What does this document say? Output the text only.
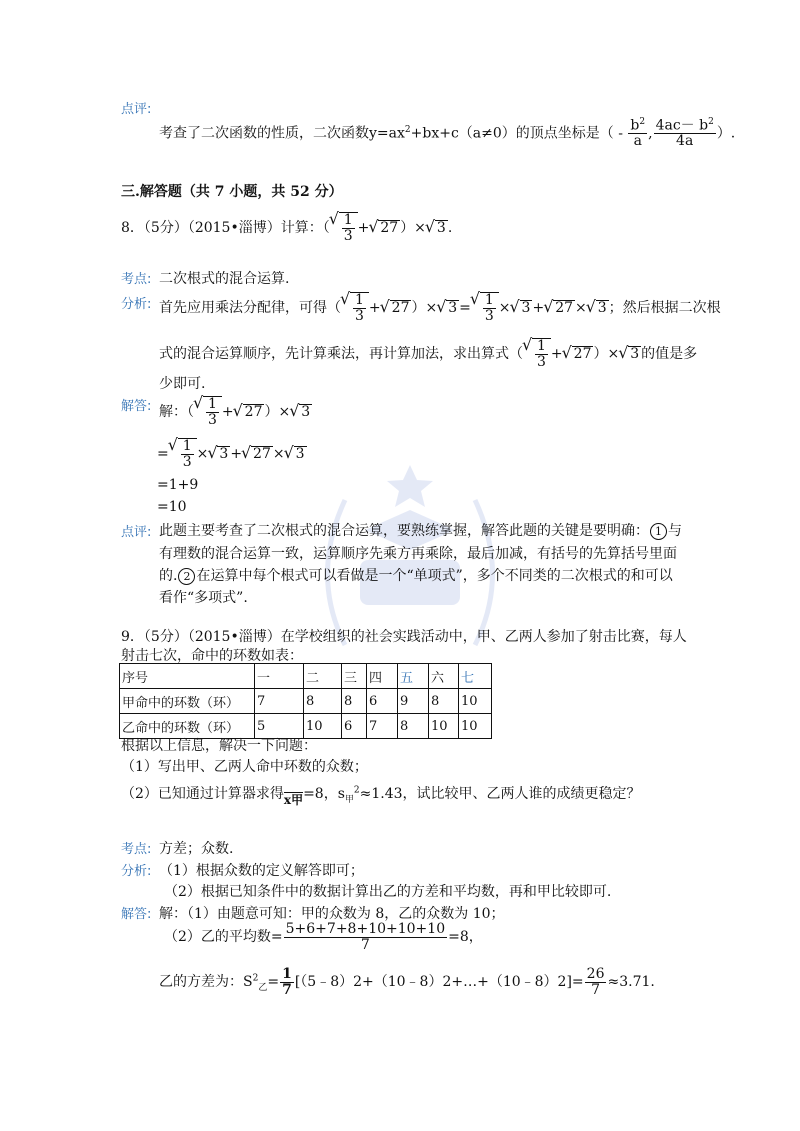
点评:
考查了二次函数的性质，二次函数$y=ax^2+bx+c(a\ne 0)$的顶点坐标是（ - $\frac{b^2}{a}$ , $\frac{4ac- b^2}{4a}$ ）.
三.解答题（共 7 小题，共 52 分）
8．（5分）（2015•淄博）计算：（ √ $\frac{1}{3}$ + √ 27 ）× √ 3 .
考点: 二次根式的混合运算.
分析: 首先应用乘法分配律，可得（ √ $\frac{1}{3}$ + √ 27 ）× √ 3 = √ $\frac{1}{3}$ × √ 3 + √ 27 × √ 3 ；然后根据二次根
式的混合运算顺序，先计算乘法，再计算加法，求出算式（ √ $\frac{1}{3}$ + √ 27 ）× √ 3 的值是多
少即可.
解答: 解：（ √ $\frac{1}{3}$ + √ 27 ）× √ 3
= √ $\frac{1}{3}$ × √ 3 + √ 27 × √ 3
=1+9
=10
点评: 此题主要考查了二次根式的混合运算，要熟练掌握，解答此题的关键是要明确： 1 与
有理数的混合运算一致，运算顺序先乘方再乘除，最后加减，有括号的先算括号里面
的. 2 在运算中每个根式可以看做是一个“单项式”，多个不同类的二次根式的和可以
看作“多项式”.
9．（5分）（2015•淄博）在学校组织的社会实践活动中，甲、乙两人参加了射击比赛，每人
射击七次，命中的环数如表：
序号	一	二	三	四	五	六	七
甲命中的环数（环）	7	8	8	6	9	8	10
乙命中的环数（环）	5	10	6	7	8	10	10
根据以上信息，解决一下问题：
（1）写出甲、乙两人命中环数的众数；
（2）已知通过计算器求得x甲=8，$s_甲^2\approx 1.43$，试比较甲、乙两人谁的成绩更稳定？
考点: 方差；众数.
分析: （1）根据众数的定义解答即可；
（2）根据已知条件中的数据计算出乙的方差和平均数，再和甲比较即可.
解答: 解：（1）由题意可知：甲的众数为 8，乙的众数为 10；
（2）乙的平均数= $\frac{5+6+7+8+10+10+10}{7} =8$，
乙的方差为：$S^2_乙= \frac{1}{7}$ [（5﹣8）2+（10﹣8）2+…+（10﹣8）2]= $\frac{26}{7} \approx 3.71$.
